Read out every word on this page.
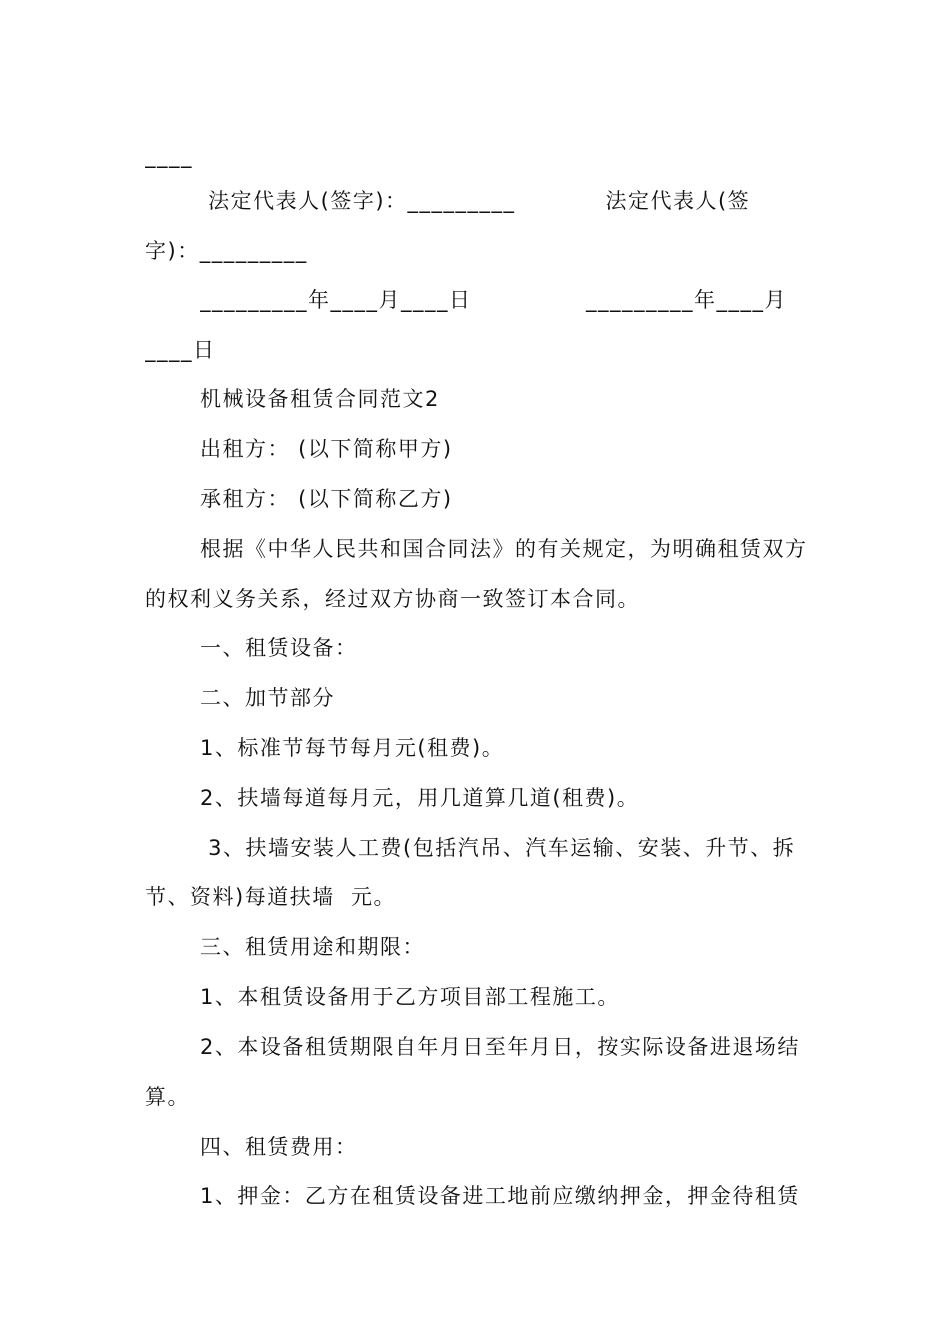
____
法定代表人(签字)：_________           法定代表人(签
字)：_________
_________年____月____日              _________年____月
____日
机械设备租赁合同范文2
出租方： (以下简称甲方)
承租方： (以下简称乙方)
根据《中华人民共和国合同法》的有关规定，为明确租赁双方
的权利义务关系，经过双方协商一致签订本合同。
一、租赁设备：
二、加节部分
1、标准节每节每月元(租费)。
2、扶墙每道每月元，用几道算几道(租费)。
3、扶墙安装人工费(包括汽吊、汽车运输、安装、升节、拆
节、资料)每道扶墙  元。
三、租赁用途和期限：
1、本租赁设备用于乙方项目部工程施工。
2、本设备租赁期限自年月日至年月日，按实际设备进退场结
算。
四、租赁费用：
1、押金：乙方在租赁设备进工地前应缴纳押金，押金待租赁
